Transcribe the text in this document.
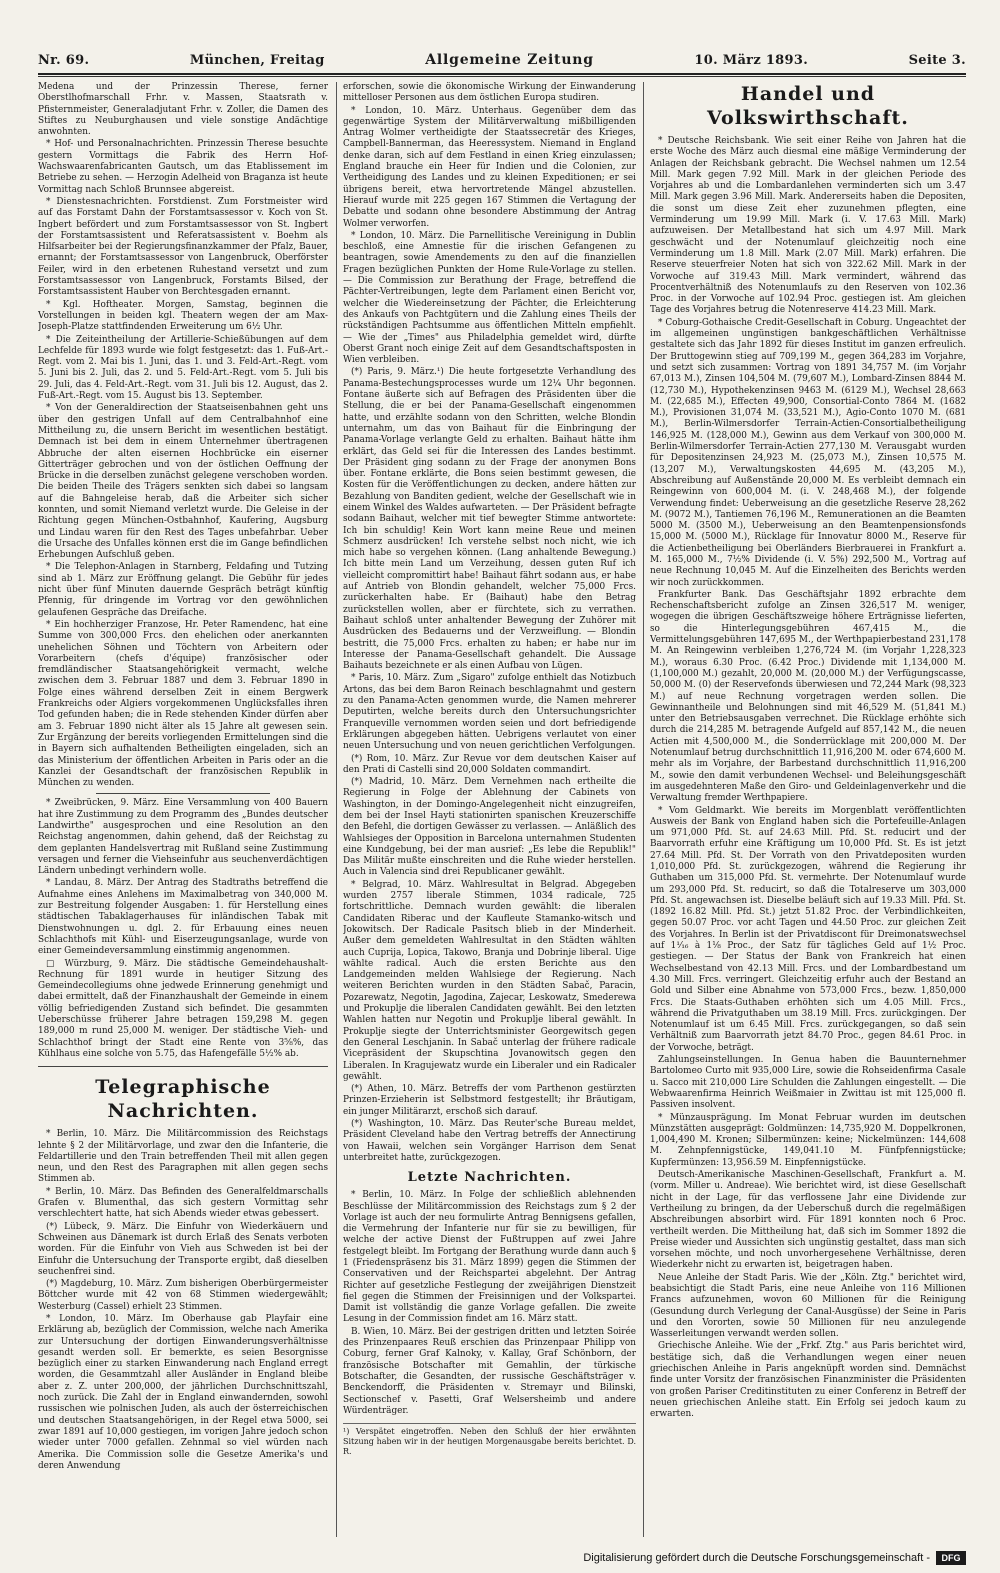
Nr. 69.	München, Freitag	Allgemeine Zeitung	10. März 1893.	Seite 3.

Medena und der Prinzessin Therese, ferner Oberstlhofmarschall Frhr. v. Massen, Staatsrath v. Pfisternmeister, Generaladjutant Frhr. v. Zoller, die Damen des Stiftes zu Neuburghausen und viele sonstige Andächtige anwohnten.

* Hof- und Personalnachrichten. Prinzessin Therese besuchte gestern Vormittags die Fabrik des Herrn Hof-Wachswaarenfabricanten Gautsch, um das Etablissement im Betriebe zu sehen. — Herzogin Adelheid von Braganza ist heute Vormittag nach Schloß Brunnsee abgereist.

* Dienstesnachrichten. Forstdienst. Zum Forstmeister wird auf das Forstamt Dahn der Forstamtsassessor v. Koch von St. Ingbert befördert und zum Forstamtsassessor von St. Ingbert der Forstamtsassistent und Referatsassistent v. Boehm als Hilfsarbeiter bei der Regierungsfinanzkammer der Pfalz, Bauer, ernannt; der Forstamtsassessor von Langenbruck, Oberförster Feiler, wird in den erbetenen Ruhestand versetzt und zum Forstamtsassessor von Langenbruck, Forstamts Bilsed, der Forstamtsassistent Hauber von Berchtesgaden ernannt.

* Kgl. Hoftheater. Morgen, Samstag, beginnen die Vorstellungen in beiden kgl. Theatern wegen der am Max-Joseph-Platze stattfindenden Erweiterung um 6½ Uhr.

* Die Zeiteintheilung der Artillerie-Schießübungen auf dem Lechfelde für 1893 wurde wie folgt festgesetzt: das 1. Fuß-Art.-Regt. vom 2. Mai bis 1. Juni, das 1. und 3. Feld-Art.-Regt. vom 5. Juni bis 2. Juli, das 2. und 5. Feld-Art.-Regt. vom 5. Juli bis 29. Juli, das 4. Feld-Art.-Regt. vom 31. Juli bis 12. August, das 2. Fuß-Art.-Regt. vom 15. August bis 13. September.

* Von der Generaldirection der Staatseisenbahnen geht uns über den gestrigen Unfall auf dem Centralbahnhof eine Mittheilung zu, die unsern Bericht im wesentlichen bestätigt. Demnach ist bei dem in einem Unternehmer übertragenen Abbruche der alten eisernen Hochbrücke ein eiserner Gitterträger gebrochen und von der östlichen Oeffnung der Brücke in die derselben zunächst gelegene verschoben worden. Die beiden Theile des Trägers senkten sich dabei so langsam auf die Bahngeleise herab, daß die Arbeiter sich sicher konnten, und somit Niemand verletzt wurde. Die Geleise in der Richtung gegen München-Ostbahnhof, Kaufering, Augsburg und Lindau waren für den Rest des Tages unbefahrbar. Ueber die Ursache des Unfalles können erst die im Gange befindlichen Erhebungen Aufschluß geben.

* Die Telephon-Anlagen in Starnberg, Feldafing und Tutzing sind ab 1. März zur Eröffnung gelangt. Die Gebühr für jedes nicht über fünf Minuten dauernde Gespräch beträgt künftig Pfennig, für dringende im Vortrag vor den gewöhnlichen gelaufenen Gespräche das Dreifache.

* Ein hochherziger Franzose, Hr. Peter Ramendenc, hat eine Summe von 300,000 Frcs. den ehelichen oder anerkannten unehelichen Söhnen und Töchtern von Arbeitern oder Vorarbeitern (chefs d'équipe) französischer oder fremdländischer Staatsangehörigkeit vermacht, welche zwischen dem 3. Februar 1887 und dem 3. Februar 1890 in Folge eines während derselben Zeit in einem Bergwerk Frankreichs oder Algiers vorgekommenen Unglücksfalles ihren Tod gefunden haben; die in Rede stehenden Kinder dürfen aber am 3. Februar 1890 nicht älter als 15 Jahre alt gewesen sein. Zur Ergänzung der bereits vorliegenden Ermittelungen sind die in Bayern sich aufhaltenden Betheiligten eingeladen, sich an das Ministerium der öffentlichen Arbeiten in Paris oder an die Kanzlei der Gesandtschaft der französischen Republik in München zu wenden.

* Zweibrücken, 9. März. Eine Versammlung von 400 Bauern hat ihre Zustimmung zu dem Programm des „Bundes deutscher Landwirthe" ausgesprochen und eine Resolution an den Reichstag angenommen, dahin gehend, daß der Reichstag zu dem geplanten Handelsvertrag mit Rußland seine Zustimmung versagen und ferner die Viehseinfuhr aus seuchenverdächtigen Ländern unbedingt verhindern wolle.

* Landau, 8. März. Der Antrag des Stadtraths betreffend die Aufnahme eines Anlehens im Maximalbetrag von 340,000 M. zur Bestreitung folgender Ausgaben: 1. für Herstellung eines städtischen Tabaklagerhauses für inländischen Tabak mit Dienstwohnungen u. dgl. 2. für Erbauung eines neuen Schlachthofs mit Kühl- und Eiserzeugungsanlage, wurde von einer Gemeindeversammlung einstimmig angenommen.

□ Würzburg, 9. März. Die städtische Gemeindehaushalt-Rechnung für 1891 wurde in heutiger Sitzung des Gemeindecollegiums ohne jedwede Erinnerung genehmigt und dabei ermittelt, daß der Finanzhaushalt der Gemeinde in einem völlig befriedigenden Zustand sich befindet. Die gesammten Ueberschüsse früherer Jahre betragen 159,298 M. gegen 189,000 m rund 25,000 M. weniger. Der städtische Vieh- und Schlachthof bringt der Stadt eine Rente von 3⅝%, das Kühlhaus eine solche von 5.75, das Hafengefälle 5½% ab.

Telegraphische Nachrichten.

* Berlin, 10. März. Die Militärcommission des Reichstags lehnte § 2 der Militärvorlage, und zwar den die Infanterie, die Feldartillerie und den Train betreffenden Theil mit allen gegen neun, und den Rest des Paragraphen mit allen gegen sechs Stimmen ab.

* Berlin, 10. März. Das Befinden des Generalfeldmarschalls Grafen v. Blumenthal, das sich gestern Vormittag sehr verschlechtert hatte, hat sich Abends wieder etwas gebessert.

(*) Lübeck, 9. März. Die Einfuhr von Wiederkäuern und Schweinen aus Dänemark ist durch Erlaß des Senats verboten worden. Für die Einfuhr von Vieh aus Schweden ist bei der Einfuhr die Untersuchung der Transporte ergibt, daß dieselben seuchenfrei sind.

(*) Magdeburg, 10. März. Zum bisherigen Oberbürgermeister Böttcher wurde mit 42 von 68 Stimmen wiedergewählt; Westerburg (Cassel) erhielt 23 Stimmen.

* London, 10. März. Im Oberhause gab Playfair eine Erklärung ab, bezüglich der Commission, welche nach Amerika zur Untersuchung der dortigen Einwanderungsverhältnisse gesandt werden soll. Er bemerkte, es seien Besorgnisse bezüglich einer zu starken Einwanderung nach England erregt worden, die Gesammtzahl aller Ausländer in England bleibe aber z. Z. unter 200,000, der jährlichen Durchschnittszahl, noch zurück. Die Zahl der in England einwandernden, sowohl russischen wie polnischen Juden, als auch der österreichischen und deutschen Staatsangehörigen, in der Regel etwa 5000, sei zwar 1891 auf 10,000 gestiegen, im vorigen Jahre jedoch schon wieder unter 7000 gefallen. Zehnmal so viel würden nach Amerika. Die Commission solle die Gesetze Amerika's und deren Anwendung

erforschen, sowie die ökonomische Wirkung der Einwanderung mittelloser Personen aus dem östlichen Europa studiren.

* London, 10. März. Unterhaus. Gegenüber dem das gegenwärtige System der Militärverwaltung mißbilligenden Antrag Wolmer vertheidigte der Staatssecretär des Krieges, Campbell-Bannerman, das Heeressystem. Niemand in England denke daran, sich auf dem Festland in einen Krieg einzulassen; England brauche ein Heer für Indien und die Colonien, zur Vertheidigung des Landes und zu kleinen Expeditionen; er sei übrigens bereit, etwa hervortretende Mängel abzustellen. Hierauf wurde mit 225 gegen 167 Stimmen die Vertagung der Debatte und sodann ohne besondere Abstimmung der Antrag Wolmer verworfen.

* London, 10. März. Die Parnellitische Vereinigung in Dublin beschloß, eine Amnestie für die irischen Gefangenen zu beantragen, sowie Amendements zu den auf die finanziellen Fragen bezüglichen Punkten der Home Rule-Vorlage zu stellen. — Die Commission zur Berathung der Frage, betreffend die Pächter-Vertreibungen, legte dem Parlament einen Bericht vor, welcher die Wiedereinsetzung der Pächter, die Erleichterung des Ankaufs von Pachtgütern und die Zahlung eines Theils der rückständigen Pachtsumme aus öffentlichen Mitteln empfiehlt. — Wie der „Times" aus Philadelphia gemeldet wird, dürfte Oberst Grant noch einige Zeit auf dem Gesandtschaftsposten in Wien verbleiben.

(*) Paris, 9. März.¹) Die heute fortgesetzte Verhandlung des Panama-Bestechungsprocesses wurde um 12¼ Uhr begonnen. Fontane äußerte sich auf Befragen des Präsidenten über die Stellung, die er bei der Panama-Gesellschaft eingenommen hatte, und erzählte sodann von den Schritten, welche Blondin unternahm, um das von Baihaut für die Einbringung der Panama-Vorlage verlangte Geld zu erhalten. Baihaut hätte ihm erklärt, das Geld sei für die Interessen des Landes bestimmt. Der Präsident ging sodann zu der Frage der anonymen Bons über. Fontane erklärte, die Bons seien bestimmt gewesen, die Kosten für die Veröffentlichungen zu decken, andere hätten zur Bezahlung von Banditen gedient, welche der Gesellschaft wie in einem Winkel des Waldes aufwarteten. — Der Präsident befragte sodann Baihaut, welcher mit tief bewegter Stimme antwortete: Ich bin schuldig! Kein Wort kann meine Reue und meinen Schmerz ausdrücken! Ich verstehe selbst noch nicht, wie ich mich habe so vergehen können. (Lang anhaltende Bewegung.) Ich bitte mein Land um Verzeihung, dessen guten Ruf ich vielleicht compromittirt habe! Baihaut fährt sodann aus, er habe auf Antrieb von Blondin gehandelt, welcher 75,000 Frcs. zurückerhalten habe. Er (Baihaut) habe den Betrag zurückstellen wollen, aber er fürchtete, sich zu verrathen. Baihaut schloß unter anhaltender Bewegung der Zuhörer mit Ausdrücken des Bedauerns und der Verzweiflung. — Blondin bestritt, die 75,000 Frcs. erhalten zu haben; er habe nur im Interesse der Panama-Gesellschaft gehandelt. Die Aussage Baihauts bezeichnete er als einen Aufbau von Lügen.

* Paris, 10. März. Zum „Sigaro" zufolge enthielt das Notizbuch Artons, das bei dem Baron Reinach beschlagnahmt und gestern zu den Panama-Acten genommen wurde, die Namen mehrerer Deputirten, welche bereits durch den Untersuchungsrichter Franqueville vernommen worden seien und dort befriedigende Erklärungen abgegeben hätten. Uebrigens verlautet von einer neuen Untersuchung und von neuen gerichtlichen Verfolgungen.

(*) Rom, 10. März. Zur Revue vor dem deutschen Kaiser auf den Prati di Castelli sind 20,000 Soldaten commandirt.

(*) Madrid, 10. März. Dem Vernehmen nach ertheilte die Regierung in Folge der Ablehnung der Cabinets von Washington, in der Domingo-Angelegenheit nicht einzugreifen, dem bei der Insel Hayti stationirten spanischen Kreuzerschiffe den Befehl, die dortigen Gewässer zu verlassen. — Anläßlich des Wahlsieges der Opposition in Barcelona unternahmen Studenten eine Kundgebung, bei der man ausrief: „Es lebe die Republik!" Das Militär mußte einschreiten und die Ruhe wieder herstellen. Auch in Valencia sind drei Republicaner gewählt.

* Belgrad, 10. März. Wahlresultat in Belgrad. Abgegeben wurden 2757 liberale Stimmen, 1034 radicale, 725 fortschrittliche. Demnach wurden gewählt: die liberalen Candidaten Riberac und der Kaufleute Stamanko-witsch und Jokowitsch. Der Radicale Pasitsch blieb in der Minderheit. Außer dem gemeldeten Wahlresultat in den Städten wählten auch Cuprija, Lopica, Takowo, Branja und Dobrinje liberal. Uige wählte radical. Auch die ersten Berichte aus den Landgemeinden melden Wahlsiege der Regierung. Nach weiteren Berichten wurden in den Städten Sabač, Paracin, Pozarewatz, Negotin, Jagodina, Zajecar, Leskowatz, Smederewa und Prokuplje die liberalen Candidaten gewählt. Bei den letzten Wahlen hatten nur Negotin und Prokuplje liberal gewählt. In Prokuplje siegte der Unterrichtsminister Georgewitsch gegen den General Leschjanin. In Sabač unterlag der frühere radicale Vicepräsident der Skupschtina Jovanowitsch gegen den Liberalen. In Kragujewatz wurde ein Liberaler und ein Radicaler gewählt.

(*) Athen, 10. März. Betreffs der vom Parthenon gestürzten Prinzen-Erzieherin ist Selbstmord festgestellt; ihr Bräutigam, ein junger Militärarzt, erschoß sich darauf.

(*) Washington, 10. März. Das Reuter'sche Bureau meldet, Präsident Cleveland habe den Vertrag betreffs der Annectirung von Hawaii, welchen sein Vorgänger Harrison dem Senat unterbreitet hatte, zurückgezogen.

Letzte Nachrichten.

* Berlin, 10. März. In Folge der schließlich ablehnenden Beschlüsse der Militärcommission des Reichstags zum § 2 der Vorlage ist auch der neu formulirte Antrag Bennigsens gefallen, die Vermehrung der Infanterie nur für sie zu bewilligen, für welche der active Dienst der Fußtruppen auf zwei Jahre festgelegt bleibt. Im Fortgang der Berathung wurde dann auch § 1 (Friedenspräsenz bis 31. März 1899) gegen die Stimmen der Conservativen und der Reichspartei abgelehnt. Der Antrag Richter auf gesetzliche Festlegung der zweijährigen Dienstzeit fiel gegen die Stimmen der Freisinnigen und der Volkspartei. Damit ist vollständig die ganze Vorlage gefallen. Die zweite Lesung in der Commission findet am 16. März statt.

B. Wien, 10. März. Bei der gestrigen dritten und letzten Soirée des Prinzenpaares Reuß erschien das Prinzenpaar Philipp von Coburg, ferner Graf Kalnoky, v. Kallay, Graf Schönborn, der französische Botschafter mit Gemahlin, der türkische Botschafter, die Gesandten, der russische Geschäftsträger v. Benckendorff, die Präsidenten v. Stremayr und Bilinski, Sectionschef v. Pasetti, Graf Welsersheimb und andere Würdenträger.

¹) Verspätet eingetroffen. Neben den Schluß der hier erwähnten Sitzung haben wir in der heutigen Morgenausgabe bereits berichtet. D. R.

Handel und Volkswirthschaft.

* Deutsche Reichsbank. Wie seit einer Reihe von Jahren hat die erste Woche des März auch diesmal eine mäßige Verminderung der Anlagen der Reichsbank gebracht. Die Wechsel nahmen um 12.54 Mill. Mark gegen 7.92 Mill. Mark in der gleichen Periode des Vorjahres ab und die Lombardanlehen verminderten sich um 3.47 Mill. Mark gegen 3.96 Mill. Mark. Andererseits haben die Depositen, die sonst um diese Zeit eher zuzunehmen pflegten, eine Verminderung um 19.99 Mill. Mark (i. V. 17.63 Mill. Mark) aufzuweisen. Der Metallbestand hat sich um 4.97 Mill. Mark geschwächt und der Notenumlauf gleichzeitig noch eine Verminderung um 1.8 Mill. Mark (2.07 Mill. Mark) erfahren. Die Reserve steuerfreier Noten hat sich von 322.62 Mill. Mark in der Vorwoche auf 319.43 Mill. Mark vermindert, während das Procentverhältniß des Notenumlaufs zu den Reserven von 102.36 Proc. in der Vorwoche auf 102.94 Proc. gestiegen ist. Am gleichen Tage des Vorjahres betrug die Notenreserve 414.23 Mill. Mark.

* Coburg-Gothaische Credit-Gesellschaft in Coburg. Ungeachtet der im allgemeinen ungünstigen bankgeschäftlichen Verhältnisse gestaltete sich das Jahr 1892 für dieses Institut im ganzen erfreulich. Der Bruttogewinn stieg auf 709,199 M., gegen 364,283 im Vorjahre, und setzt sich zusammen: Vortrag von 1891 34,757 M. (im Vorjahr 67,013 M.), Zinsen 104,504 M. (79,607 M.), Lombard-Zinsen 8844 M. (12,730 M.), Hypothekenzinsen 9463 M. (6129 M.), Wechsel 28,663 M. (22,685 M.), Effecten 49,900, Consortial-Conto 7864 M. (1682 M.), Provisionen 31,074 M. (33,521 M.), Agio-Conto 1070 M. (681 M.), Berlin-Wilmersdorfer Terrain-Actien-Consortialbetheiligung 146,925 M. (128,000 M.), Gewinn aus dem Verkauf von 300,000 M. Berlin-Wilmersdorfer Terrain-Actien 277,130 M. Verausgabt wurden für Depositenzinsen 24,923 M. (25,073 M.), Zinsen 10,575 M. (13,207 M.), Verwaltungskosten 44,695 M. (43,205 M.), Abschreibung auf Außenstände 20,000 M. Es verbleibt demnach ein Reingewinn von 600,004 M. (i. V. 248,468 M.), der folgende Verwendung findet: Ueberweisung an die gesetzliche Reserve 28,262 M. (9072 M.), Tantiemen 76,196 M., Remunerationen an die Beamten 5000 M. (3500 M.), Ueberweisung an den Beamtenpensionsfonds 15,000 M. (5000 M.), Rücklage für Innovatur 8000 M., Reserve für die Actienbetheiligung bei Oberländers Bierbrauerei in Frankfurt a. M. 165,000 M., 7½% Dividende (i. V. 5%) 292,500 M., Vortrag auf neue Rechnung 10,045 M. Auf die Einzelheiten des Berichts werden wir noch zurückkommen.

Frankfurter Bank. Das Geschäftsjahr 1892 erbrachte dem Rechenschaftsbericht zufolge an Zinsen 326,517 M. weniger, wogegen die übrigen Geschäftszweige höhere Erträgnisse lieferten, so die Hinterlegungsgebühren 467,415 M., die Vermittelungsgebühren 147,695 M., der Werthpapierbestand 231,178 M. An Reingewinn verbleiben 1,276,724 M. (im Vorjahr 1,228,323 M.), woraus 6.30 Proc. (6.42 Proc.) Dividende mit 1,134,000 M. (1,100,000 M.) gezahlt, 20,000 M. (20,000 M.) der Verfügungscasse, 50,000 M. (0) der Reservefonds überwiesen und 72,244 Mark (98,323 M.) auf neue Rechnung vorgetragen werden sollen. Die Gewinnantheile und Belohnungen sind mit 46,529 M. (51,841 M.) unter den Betriebsausgaben verrechnet. Die Rücklage erhöhte sich durch die 214,285 M. betragende Aufgeld auf 857,142 M., die neuen Actien mit 4,500,000 M., die Sonderrücklage mit 200,000 M. Der Notenumlauf betrug durchschnittlich 11,916,200 M. oder 674,600 M. mehr als im Vorjahre, der Barbestand durchschnittlich 11,916,200 M., sowie den damit verbundenen Wechsel- und Beleihungsgeschäft im ausgedehnteren Maße den Giro- und Geldeinlagenverkehr und die Verwaltung fremder Werthpapiere.

* Vom Geldmarkt. Wie bereits im Morgenblatt veröffentlichten Ausweis der Bank von England haben sich die Portefeuille-Anlagen um 971,000 Pfd. St. auf 24.63 Mill. Pfd. St. reducirt und der Baarvorrath erfuhr eine Kräftigung um 10,000 Pfd. St. Es ist jetzt 27.64 Mill. Pfd. St. Der Vorrath von den Privatdepositen wurden 1,010,000 Pfd. St. zurückgezogen, während die Regierung ihr Guthaben um 315,000 Pfd. St. vermehrte. Der Notenumlauf wurde um 293,000 Pfd. St. reducirt, so daß die Totalreserve um 303,000 Pfd. St. angewachsen ist. Dieselbe beläuft sich auf 19.33 Mill. Pfd. St. (1892 16.82 Mill. Pfd. St.) jetzt 51.82 Proc. der Verbindlichkeiten, gegen 50.07 Proc. vor acht Tagen und 44.50 Proc. zur gleichen Zeit des Vorjahres. In Berlin ist der Privatdiscont für Dreimonatswechsel auf 1¹⁄₁₆ à 1⅛ Proc., der Satz für tägliches Geld auf 1½ Proc. gestiegen. — Der Status der Bank von Frankreich hat einen Wechselbestand von 42.13 Mill. Frcs. und der Lombardbestand um 4.30 Mill. Frcs. verringert. Gleichzeitig erfuhr auch der Bestand an Gold und Silber eine Abnahme von 573,000 Frcs., bezw. 1,850,000 Frcs. Die Staats-Guthaben erhöhten sich um 4.05 Mill. Frcs., während die Privatguthaben um 38.19 Mill. Frcs. zurückgingen. Der Notenumlauf ist um 6.45 Mill. Frcs. zurückgegangen, so daß sein Verhältniß zum Baarvorrath jetzt 84.70 Proc., gegen 84.61 Proc. in der Vorwoche, beträgt.

Zahlungseinstellungen. In Genua haben die Bauunternehmer Bartolomeo Curto mit 935,000 Lire, sowie die Rohseidenfirma Casale u. Sacco mit 210,000 Lire Schulden die Zahlungen eingestellt. — Die Webwaarenfirma Heinrich Weißmaier in Zwittau ist mit 125,000 fl. Passiven insolvent.

* Münzausprägung. Im Monat Februar wurden im deutschen Münzstätten ausgeprägt: Goldmünzen: 14,735,920 M. Doppelkronen, 1,004,490 M. Kronen; Silbermünzen: keine; Nickelmünzen: 144,608 M. Zehnpfennigstücke, 149,041.10 M. Fünfpfennigstücke; Kupfermünzen: 13,956.59 M. Einpfennigstücke.

Deutsch-Amerikanische Maschinen-Gesellschaft, Frankfurt a. M. (vorm. Miller u. Andreae). Wie berichtet wird, ist diese Gesellschaft nicht in der Lage, für das verflossene Jahr eine Dividende zur Vertheilung zu bringen, da der Ueberschuß durch die regelmäßigen Abschreibungen absorbirt wird. Für 1891 konnten noch 6 Proc. vertheilt werden. Die Mittheilung hat, daß sich im Sommer 1892 die Preise wieder und Aussichten sich ungünstig gestaltet, dass man sich vorsehen möchte, und noch unvorhergesehene Verhältnisse, deren Wiederkehr nicht zu erwarten ist, beigetragen haben.

Neue Anleihe der Stadt Paris. Wie der „Köln. Ztg." berichtet wird, beabsichtigt die Stadt Paris, eine neue Anleihe von 116 Millionen Francs aufzunehmen, wovon 60 Millionen für die Reinigung (Gesundung durch Verlegung der Canal-Ausgüsse) der Seine in Paris und den Vororten, sowie 50 Millionen für neu anzulegende Wasserleitungen verwandt werden sollen.

Griechische Anleihe. Wie der „Frkf. Ztg." aus Paris berichtet wird, bestätige sich, daß die Verhandlungen wegen einer neuen griechischen Anleihe in Paris angeknüpft worden sind. Demnächst finde unter Vorsitz der französischen Finanzminister die Präsidenten von großen Pariser Creditinstituten zu einer Conferenz in Betreff der neuen griechischen Anleihe statt. Ein Erfolg sei jedoch kaum zu erwarten.

Digitalisierung gefördert durch die Deutsche Forschungsgemeinschaft -	DFG
